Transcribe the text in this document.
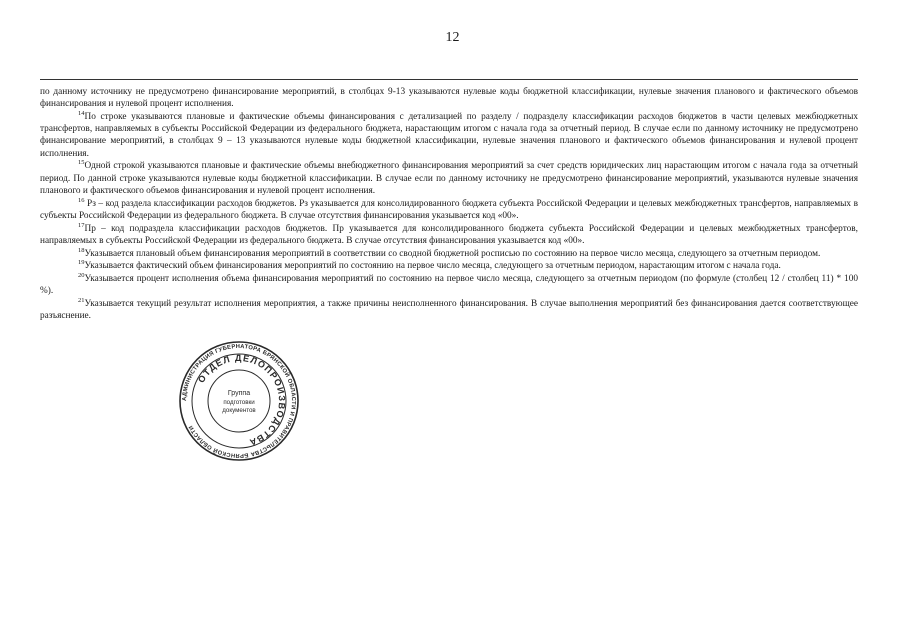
12

по данному источнику не предусмотрено финансирование мероприятий, в столбцах 9-13 указываются нулевые коды бюджетной классификации, нулевые значения планового и фактического объемов финансирования и нулевой процент исполнения.

$^{14}$По строке указываются плановые и фактические объемы финансирования с детализацией по разделу / подразделу классификации расходов бюджетов в части целевых межбюджетных трансфертов, направляемых в субъекты Российской Федерации из федерального бюджета, нарастающим итогом с начала года за отчетный период. В случае если по данному источнику не предусмотрено финансирование мероприятий, в столбцах 9 – 13 указываются нулевые коды бюджетной классификации, нулевые значения планового и фактического объемов финансирования и нулевой процент исполнения.

$^{15}$Одной строкой указываются плановые и фактические объемы внебюджетного финансирования мероприятий за счет средств юридических лиц нарастающим итогом с начала года за отчетный период. По данной строке указываются нулевые коды бюджетной классификации. В случае если по данному источнику не предусмотрено финансирование мероприятий, указываются нулевые значения планового и фактического объемов финансирования и нулевой процент исполнения.

$^{16}$ Рз – код раздела классификации расходов бюджетов. Рз указывается для консолидированного бюджета субъекта Российской Федерации и целевых межбюджетных трансфертов, направляемых в субъекты Российской Федерации из федерального бюджета. В случае отсутствия финансирования указывается код «00».

$^{17}$Пр – код подраздела классификации расходов бюджетов. Пр указывается для консолидированного бюджета субъекта Российской Федерации и целевых межбюджетных трансфертов, направляемых в субъекты Российской Федерации из федерального бюджета. В случае отсутствия финансирования указывается код «00».

$^{18}$Указывается плановый объем финансирования мероприятий в соответствии со сводной бюджетной росписью по состоянию на первое число месяца, следующего за отчетным периодом.

$^{19}$Указывается фактический объем финансирования мероприятий по состоянию на первое число месяца, следующего за отчетным периодом, нарастающим итогом с начала года.

$^{20}$Указывается процент исполнения объема финансирования мероприятий по состоянию на первое число месяца, следующего за отчетным периодом (по формуле (столбец 12 / столбец 11) * 100 %).

$^{21}$Указывается текущий результат исполнения мероприятия, а также причины неисполненного финансирования. В случае выполнения мероприятий без финансирования дается соответствующее разъяснение.

АДМИНИСТРАЦИЯ ГУБЕРНАТОРА БРЯНСКОЙ ОБЛАСТИ И ПРАВИТЕЛЬСТВА БРЯНСКОЙ ОБЛАСТИ
ОТДЕЛ ДЕЛОПРОИЗВОДСТВА
Группа
подготовки
документов
